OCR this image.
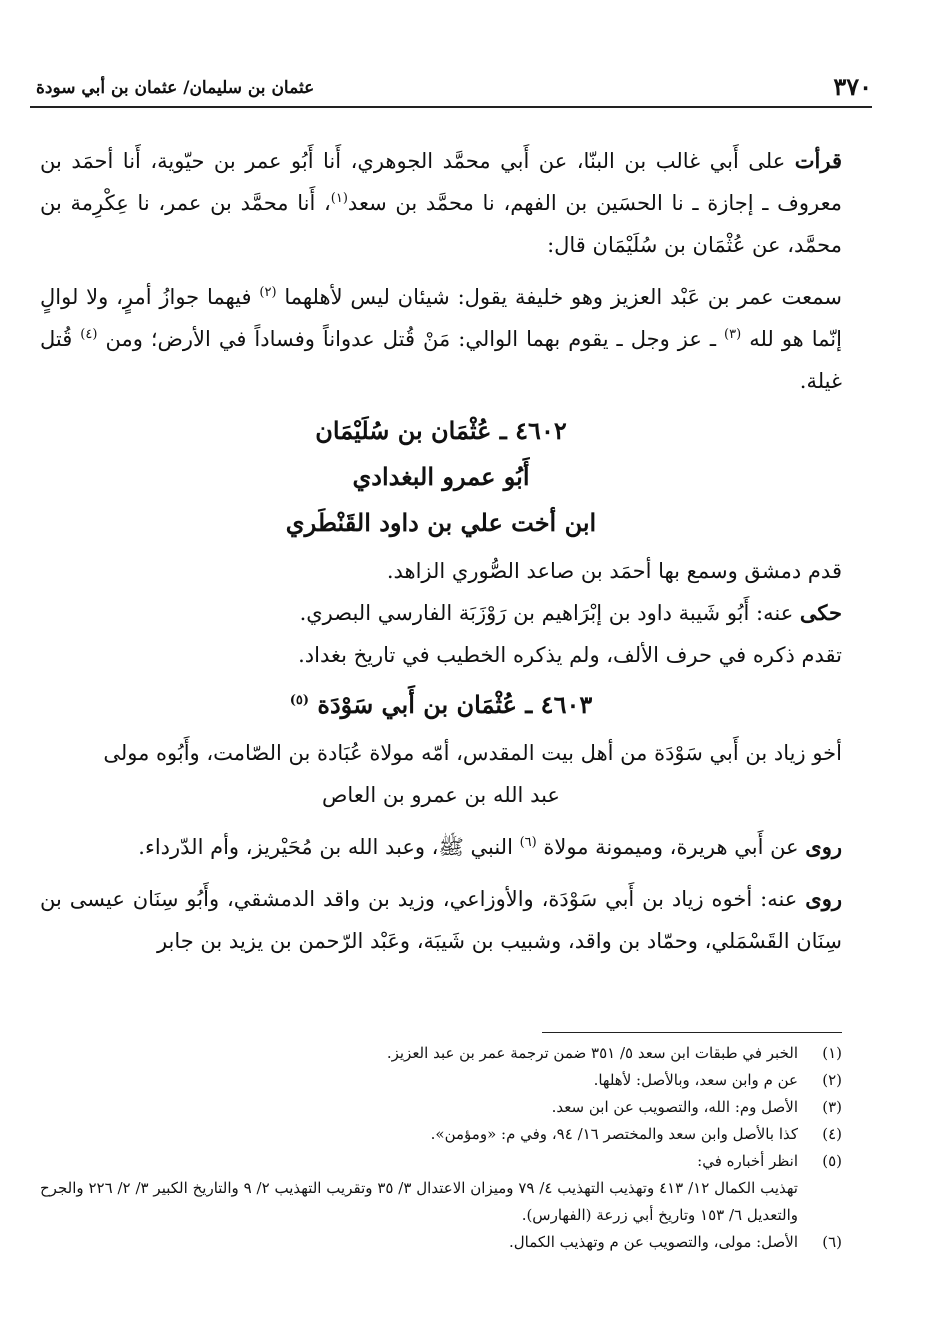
٣٧٠
عثمان بن سليمان/ عثمان بن أبي سودة

قرأت على أَبي غالب بن البنّا، عن أَبي محمَّد الجوهري، أَنا أَبُو عمر بن حيّوية، أَنا أحمَد بن معروف ـ إجازة ـ نا الحسَين بن الفهم، نا محمَّد بن سعد$^{(١)}$، أَنا محمَّد بن عمر، نا عِكْرِمة بن محمَّد، عن عُثْمَان بن سُلَيْمَان قال:

سمعت عمر بن عَبْد العزيز وهو خليفة يقول: شيئان ليس لأهلهما $^{(٢)}$ فيهما جوازُ أمرٍ، ولا لوالٍ إنّما هو لله $^{(٣)}$ ـ عز وجل ـ يقوم بهما الوالي: مَنْ قُتل عدواناً وفساداً في الأرض؛ ومن $^{(٤)}$ قُتل غيلة.

٤٦٠٢ ـ عُثْمَان بن سُلَيْمَان
أَبُو عمرو البغدادي
ابن أخت علي بن داود القَنْطَري

قدم دمشق وسمع بها أحمَد بن صاعد الصُّوري الزاهد.

حكى عنه: أَبُو شَيبة داود بن إبْرَاهيم بن رَوْزَبَة الفارسي البصري.

تقدم ذكره في حرف الألف، ولم يذكره الخطيب في تاريخ بغداد.

٤٦٠٣ ـ عُثْمَان بن أَبي سَوْدَة $^{(٥)}$

أخو زياد بن أَبي سَوْدَة من أهل بيت المقدس، أمّه مولاة عُبَادة بن الصّامت، وأَبُوه مولى

عبد الله بن عمرو بن العاص

روى عن أَبي هريرة، وميمونة مولاة $^{(٦)}$ النبي ﷺ، وعبد الله بن مُحَيْريز، وأم الدّرداء.

روى عنه: أخوه زياد بن أَبي سَوْدَة، والأوزاعي، وزيد بن واقد الدمشقي، وأَبُو سِنَان عيسى بن سِنَان القَسْمَلي، وحمّاد بن واقد، وشبيب بن شَيبَة، وعَبْد الرّحمن بن يزيد بن جابر

(١)
الخبر في طبقات ابن سعد ٥/ ٣٥١ ضمن ترجمة عمر بن عبد العزيز.
(٢)
عن م وابن سعد، وبالأصل: لأهلها.
(٣)
الأصل وم: الله، والتصويب عن ابن سعد.
(٤)
كذا بالأصل وابن سعد والمختصر ١٦/ ٩٤، وفي م: «ومؤمن».
(٥)
انظر أخباره في:
تهذيب الكمال ١٢/ ٤١٣ وتهذيب التهذيب ٤/ ٧٩ وميزان الاعتدال ٣/ ٣٥ وتقريب التهذيب ٢/ ٩ والتاريخ الكبير ٣/ ٢/ ٢٢٦ والجرح والتعديل ٦/ ١٥٣ وتاريخ أبي زرعة (الفهارس).
(٦)
الأصل: مولى، والتصويب عن م وتهذيب الكمال.
